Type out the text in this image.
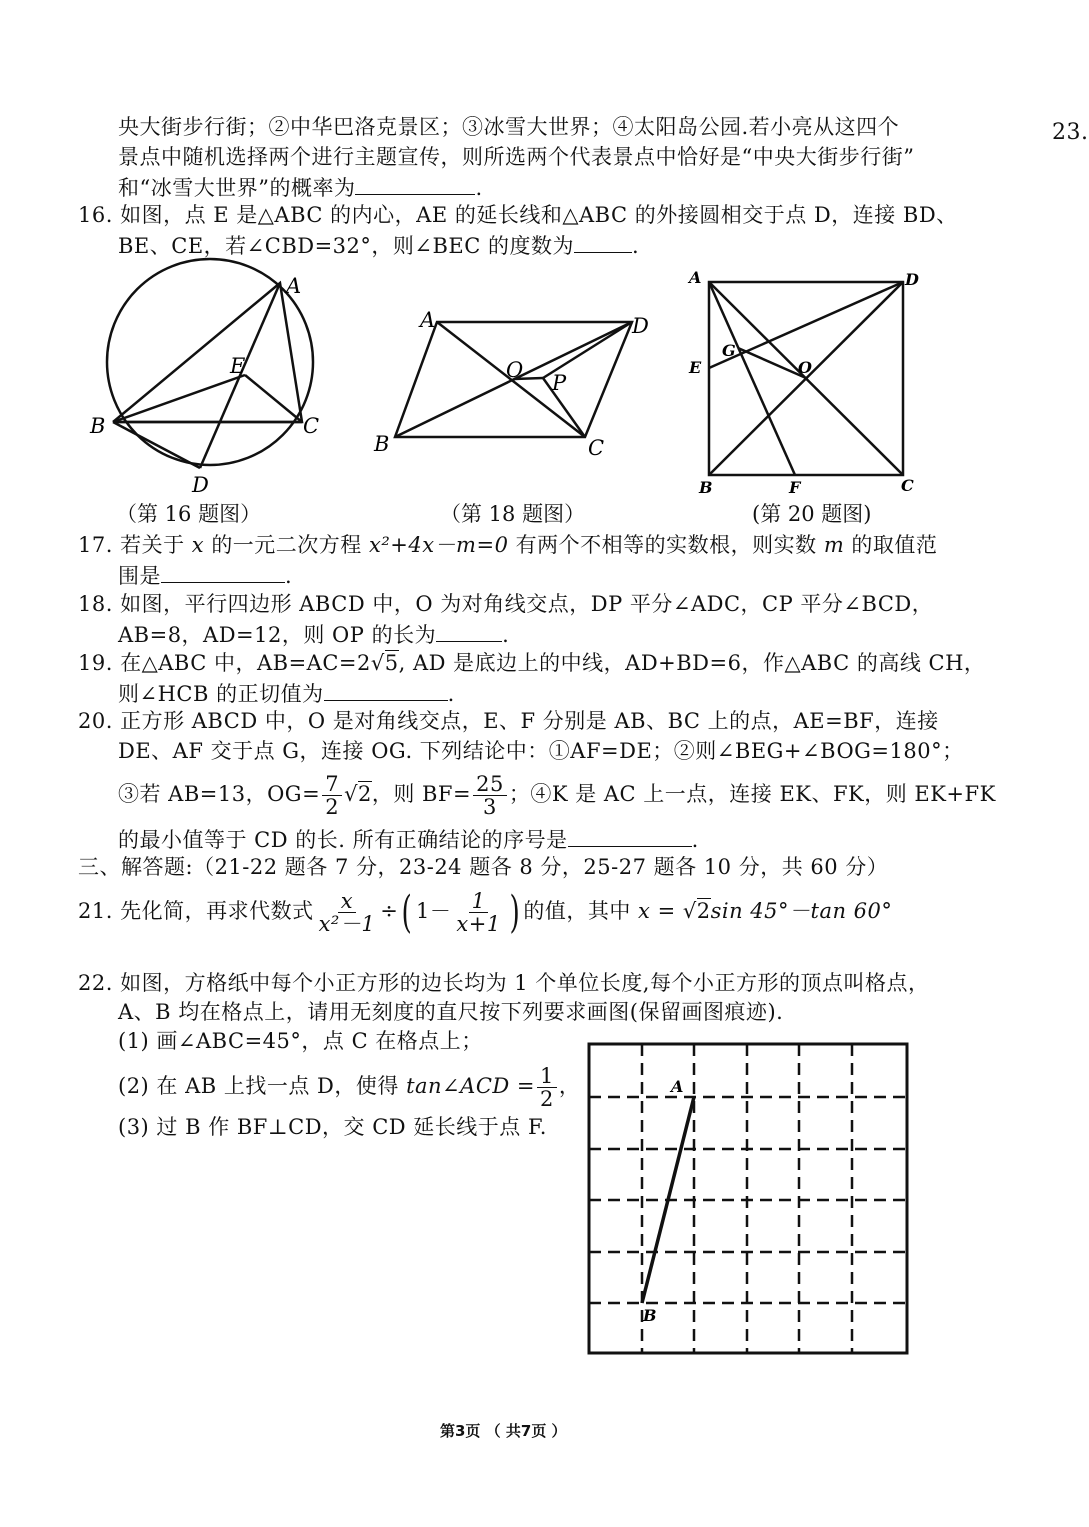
23.
央大街步行街；②中华巴洛克景区；③冰雪大世界；④太阳岛公园.若小亮从这四个
景点中随机选择两个进行主题宣传，则所选两个代表景点中恰好是“中央大街步行街”
和“冰雪大世界”的概率为	.
16. 如图，点 E 是△ABC 的内心，AE 的延长线和△ABC 的外接圆相交于点 D，连接 BD、
BE、CE，若∠CBD=32°，则∠BEC 的度数为	.
A
E
B	C
D
（第 16 题图）
A	D
O
P
B	C
（第 18 题图）
A	D
E
G
O
B	F	C
(第 20 题图)
17. 若关于 x 的一元二次方程 x²+4x－m=0 有两个不相等的实数根，则实数 m 的取值范
围是	.
18. 如图，平行四边形 ABCD 中，O 为对角线交点，DP 平分∠ADC，CP 平分∠BCD，
AB=8，AD=12，则 OP 的长为	.
19. 在△ABC 中，AB=AC=2√5, AD 是底边上的中线，AD+BD=6，作△ABC 的高线 CH，
则∠HCB 的正切值为	.
20. 正方形 ABCD 中，O 是对角线交点，E、F 分别是 AB、BC 上的点，AE=BF，连接
DE、AF 交于点 G，连接 OG. 下列结论中：①AF=DE；②则∠BEG+∠BOG=180°；
③若 AB=13，$OG= \frac{7}{2} √2$，则 $BF= \frac{25}{3}$ ；④K 是 AC 上一点，连接 EK、FK，则 EK+FK
的最小值等于 CD 的长. 所有正确结论的序号是	.
三、解答题:（21-22 题各 7 分，23-24 题各 8 分，25-27 题各 10 分，共 60 分）
21. 先化简，再求代数式 $\frac{x}{\text{x²－1}}$ ÷( $1- \frac{1}{x+1}$ ) 的值，其中 x = √2sin 45°－tan 60°
22. 如图，方格纸中每个小正方形的边长均为 1 个单位长度,每个小正方形的顶点叫格点，
A、B 均在格点上，请用无刻度的直尺按下列要求画图(保留画图痕迹).
(1) 画∠ABC=45°，点 C 在格点上；
(2) 在 AB 上找一点 D，使得 tan∠ACD = $\frac{1}{2}$ ，
(3) 过 B 作 BF⊥CD，交 CD 延长线于点 F.
A
B
第3页 （ 共7页 ）
